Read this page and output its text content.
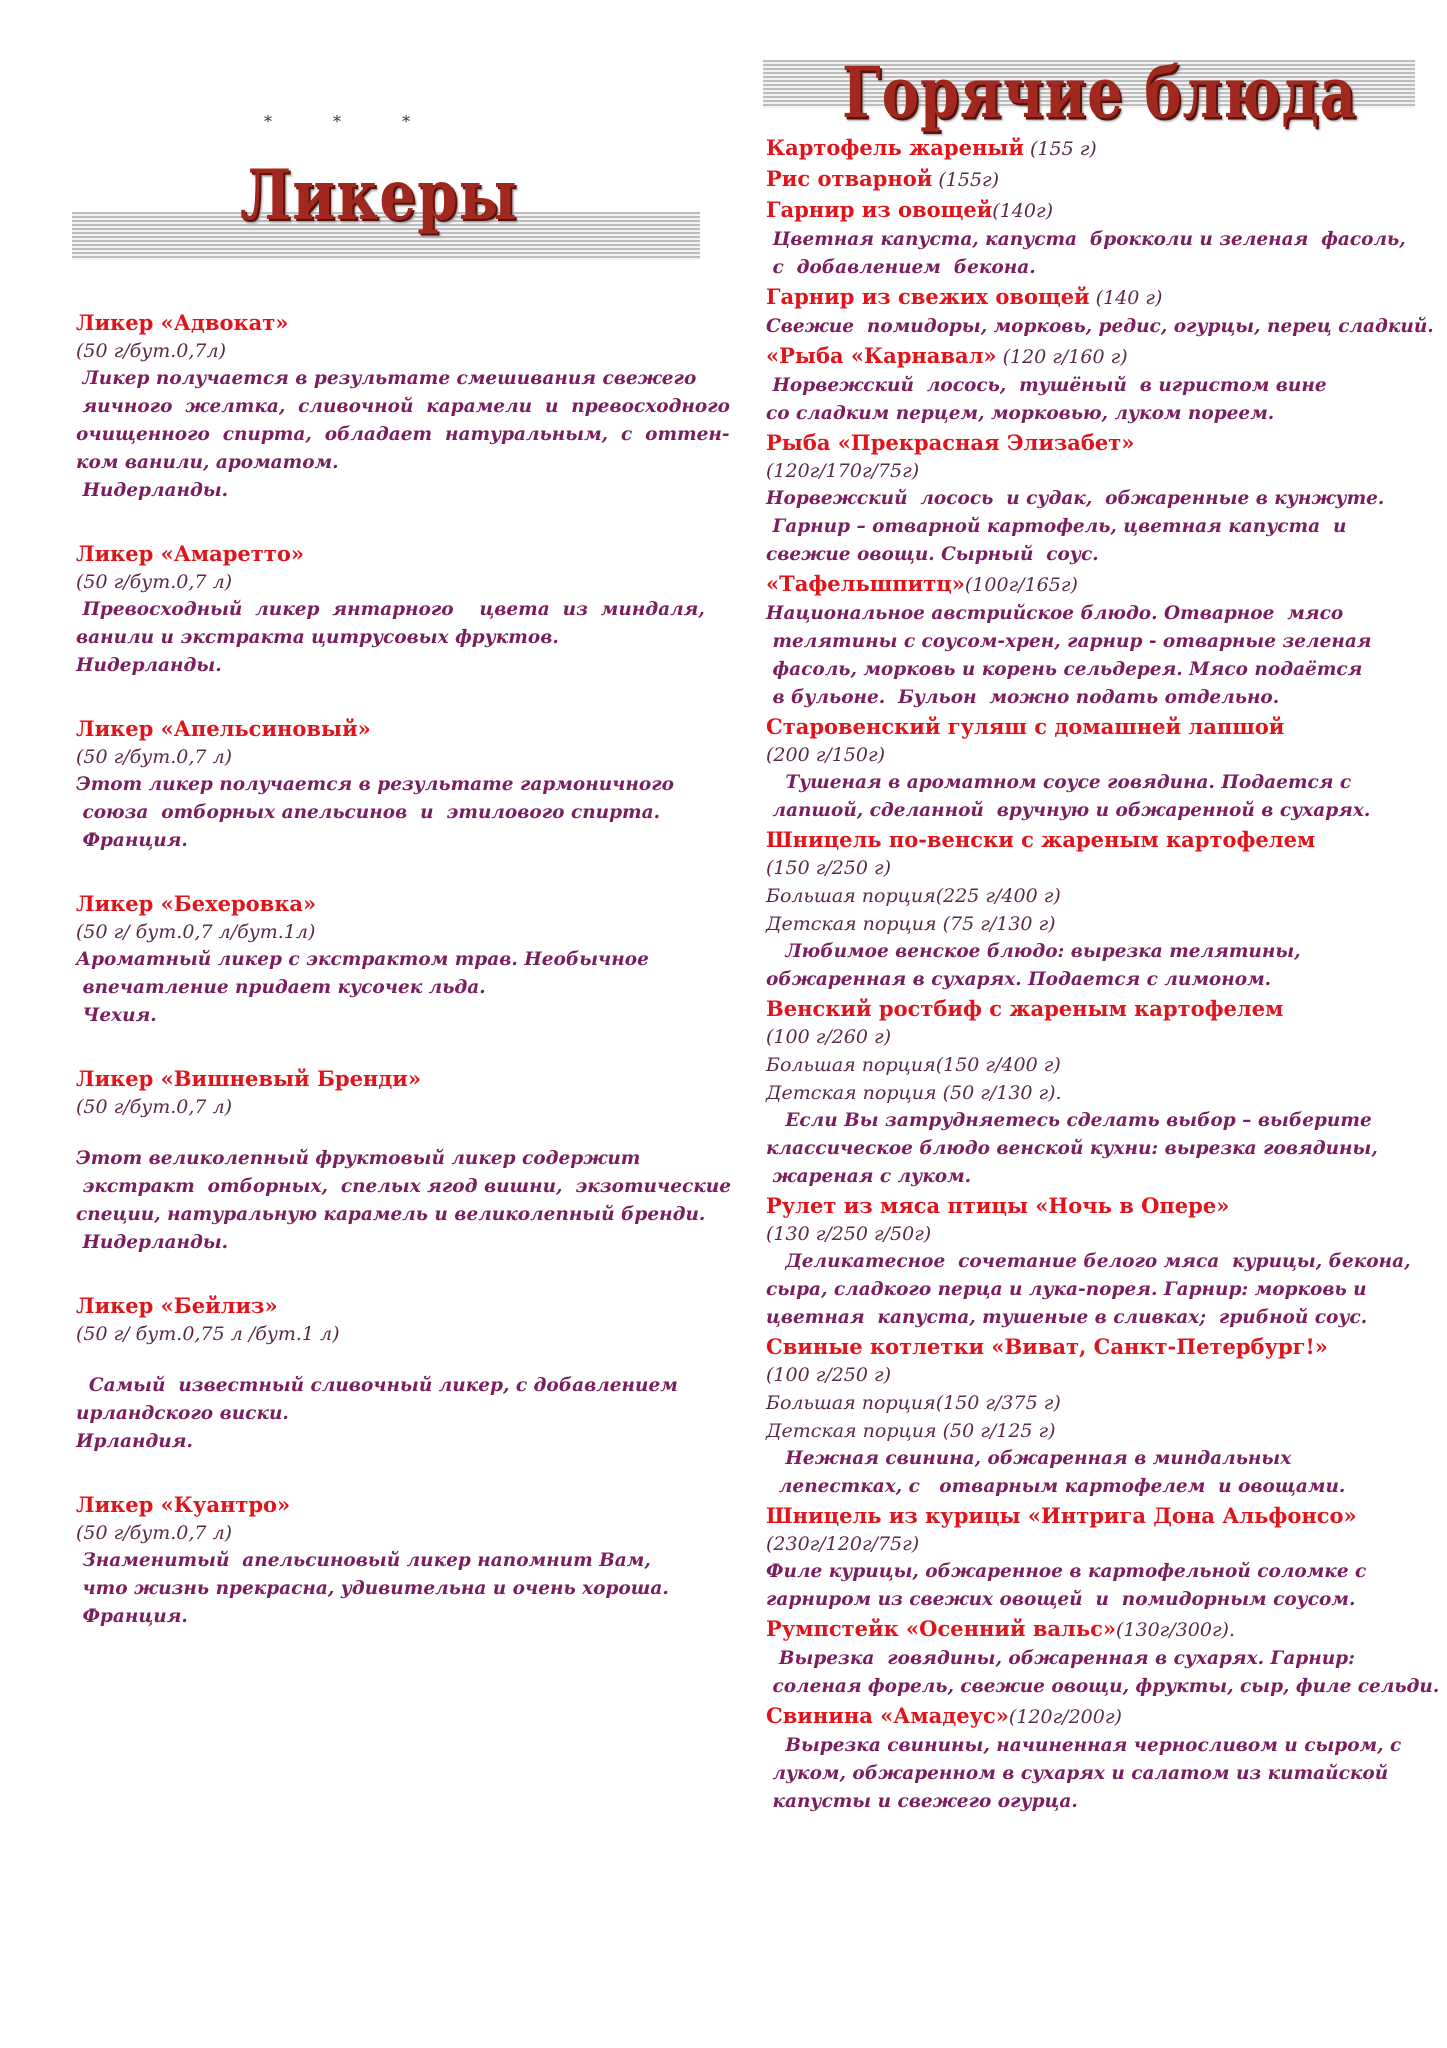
*            *            *
Ликеры
Ликер «Адвокат»
(50 г/бут.0,7л)
Ликер получается в результате смешивания свежего
яичного  желтка,  сливочной  карамели  и  превосходного
очищенного  спирта,  обладает  натуральным,  с  оттен-
ком ванили, ароматом.
Нидерланды.
Ликер «Амаретто»
(50 г/бут.0,7 л)
Превосходный  ликер  янтарного    цвета  из  миндаля,
ванили и экстракта цитрусовых фруктов.
Нидерланды.
Ликер «Апельсиновый»
(50 г/бут.0,7 л)
Этот ликер получается в результате гармоничного
союза  отборных апельсинов  и  этилового спирта.
Франция.
Ликер «Бехеровка»
(50 г/ бут.0,7 л/бут.1л)
Ароматный ликер с экстрактом трав. Необычное
впечатление придает кусочек льда.
Чехия.
Ликер «Вишневый Бренди»
(50 г/бут.0,7 л)
Этот великолепный фруктовый ликер содержит
экстракт  отборных,  спелых ягод вишни,  экзотические
специи, натуральную карамель и великолепный бренди.
Нидерланды.
Ликер «Бейлиз»
(50 г/ бут.0,75 л /бут.1 л)
Самый  известный сливочный ликер, с добавлением
ирландского виски.
Ирландия.
Ликер «Куантро»
(50 г/бут.0,7 л)
Знаменитый  апельсиновый ликер напомнит Вам,
что жизнь прекрасна, удивительна и очень хороша.
Франция.
Горячие блюда
Картофель жареный (155 г)
Рис отварной (155г)
Гарнир из овощей(140г)
Цветная капуста, капуста  брокколи и зеленая  фасоль,
с  добавлением  бекона.
Гарнир из свежих овощей (140 г)
Свежие  помидоры, морковь, редис, огурцы, перец сладкий.
«Рыба «Карнавал» (120 г/160 г)
Норвежский  лосось,  тушёный  в игристом вине
со сладким перцем, морковью, луком пореем.
Рыба «Прекрасная Элизабет»
(120г/170г/75г)
Норвежский  лосось  и судак,  обжаренные в кунжуте.
Гарнир – отварной картофель, цветная капуста  и
свежие овощи. Сырный  соус.
«Тафельшпитц»(100г/165г)
Национальное австрийское блюдо. Отварное  мясо
телятины с соусом-хрен, гарнир - отварные зеленая
фасоль, морковь и корень сельдерея. Мясо подаётся
в бульоне.  Бульон  можно подать отдельно.
Старовенский гуляш с домашней лапшой
(200 г/150г)
Тушеная в ароматном соусе говядина. Подается с
лапшой, сделанной  вручную и обжаренной в сухарях.
Шницель по-венски с жареным картофелем
(150 г/250 г)
Большая порция(225 г/400 г)
Детская порция (75 г/130 г)
Любимое венское блюдо: вырезка телятины,
обжаренная в сухарях. Подается с лимоном.
Венский ростбиф с жареным картофелем
(100 г/260 г)
Большая порция(150 г/400 г)
Детская порция (50 г/130 г).
Если Вы затрудняетесь сделать выбор – выберите
классическое блюдо венской кухни: вырезка говядины,
жареная с луком.
Рулет из мяса птицы «Ночь в Опере»
(130 г/250 г/50г)
Деликатесное  сочетание белого мяса  курицы, бекона,
сыра, сладкого перца и лука-порея. Гарнир: морковь и
цветная  капуста, тушеные в сливках;  грибной соус.
Свиные котлетки «Виват, Санкт-Петербург!»
(100 г/250 г)
Большая порция(150 г/375 г)
Детская порция (50 г/125 г)
Нежная свинина, обжаренная в миндальных
лепестках, с   отварным картофелем  и овощами.
Шницель из курицы «Интрига Дона Альфонсо»
(230г/120г/75г)
Филе курицы, обжаренное в картофельной соломке с
гарниром из свежих овощей  и  помидорным соусом.
Румпстейк «Осенний вальс»(130г/300г).
Вырезка  говядины, обжаренная в сухарях. Гарнир:
соленая форель, свежие овощи, фрукты, сыр, филе сельди.
Свинина «Амадеус»(120г/200г)
Вырезка свинины, начиненная черносливом и сыром, с
луком, обжаренном в сухарях и салатом из китайской
капусты и свежего огурца.
